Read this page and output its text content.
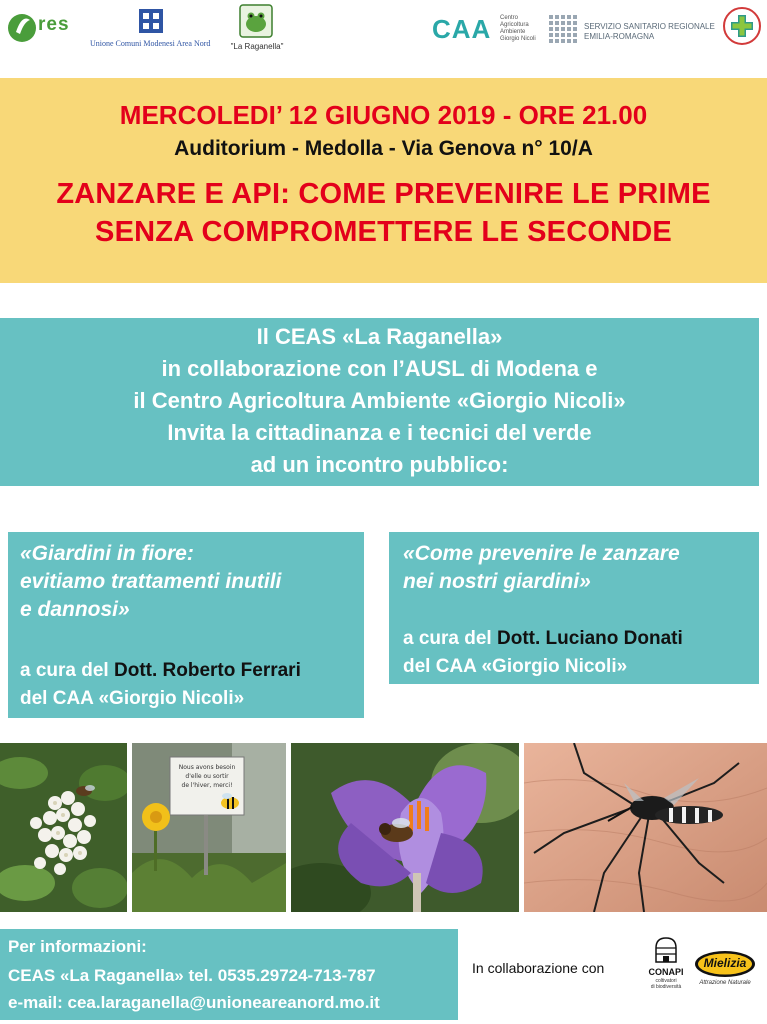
res
Unione Comuni Modenesi Area Nord	"La Raganella"
CAA Centro
Agricoltura
Ambiente
Giorgio Nicoli
SERVIZIO SANITARIO REGIONALE
EMILIA-ROMAGNA
MERCOLEDI’ 12 GIUGNO 2019 - ORE 21.00
Auditorium - Medolla - Via Genova n° 10/A
ZANZARE E API: COME PREVENIRE LE PRIME
SENZA COMPROMETTERE LE SECONDE
Il CEAS «La Raganella»
in collaborazione con l’AUSL di Modena e
il Centro Agricoltura Ambiente «Giorgio Nicoli»
Invita la cittadinanza e i tecnici del verde
ad un incontro pubblico:
«Giardini in fiore:
evitiamo trattamenti inutili
e dannosi»
a cura del Dott. Roberto Ferrari
del CAA «Giorgio Nicoli»
«Come prevenire le zanzare
nei nostri giardini»
a cura del Dott. Luciano Donati
del CAA «Giorgio Nicoli»
Nous avons besoin
d'elle ou sortir
de l'hiver, merci!
Per informazioni:
CEAS «La Raganella» tel. 0535.29724-713-787
e-mail: cea.laraganella@unioneareanord.mo.it
In collaborazione con	CONAPI
coltivatori
di biodiversità
Mielizia
Attrazione Naturale
